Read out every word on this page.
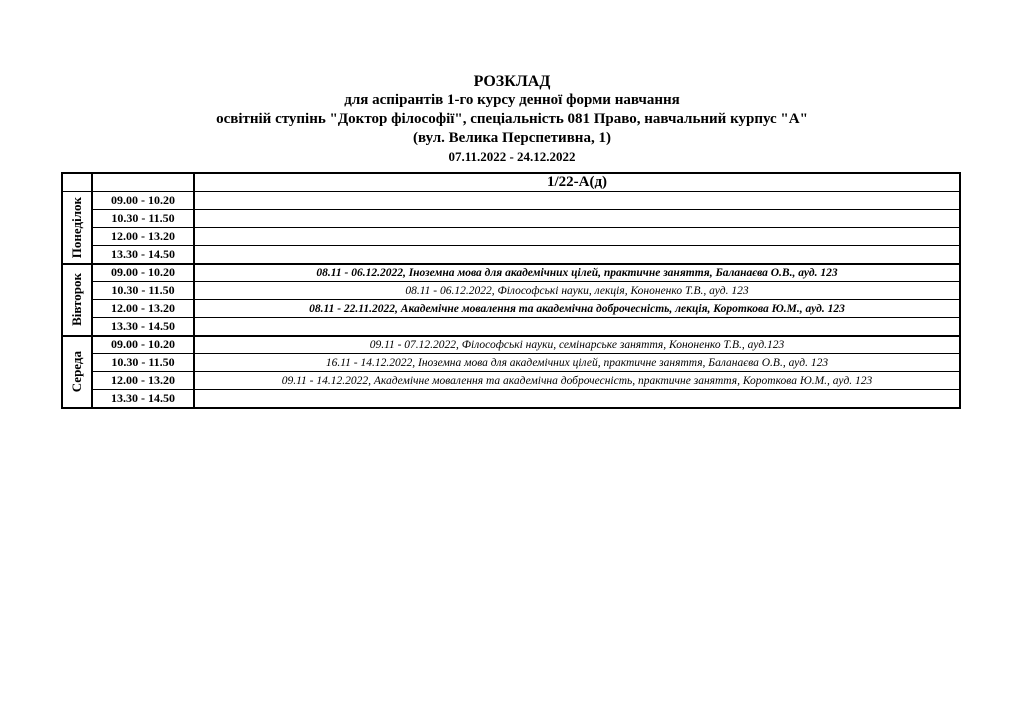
РОЗКЛАД
для аспірантів 1-го курсу денної форми навчання
освітній ступінь "Доктор філософії", спеціальність 081 Право, навчальний курпус "А"
(вул. Велика Перспетивна, 1)
07.11.2022 - 24.12.2022
		1/22-А(д)

Понеділок	09.00 - 10.20	
	10.30 - 11.50	
	12.00 - 13.20	
	13.30 - 14.50	

Вівторок	09.00 - 10.20	08.11 - 06.12.2022, Іноземна мова для академічних цілей, практичне заняття, Баланаєва О.В., ауд. 123
	10.30 - 11.50	08.11 - 06.12.2022, Філософські науки, лекція, Кононенко Т.В., ауд. 123
	12.00 - 13.20	08.11 - 22.11.2022, Академічне мовалення та академічна доброчесність, лекція, Короткова Ю.М., ауд. 123
	13.30 - 14.50	

Середа	09.00 - 10.20	09.11 - 07.12.2022, Філософські науки, семінарське заняття, Кононенко Т.В., ауд.123
	10.30 - 11.50	16.11 - 14.12.2022, Іноземна мова для академічних цілей, практичне заняття, Баланаєва О.В., ауд. 123
	12.00 - 13.20	09.11 - 14.12.2022, Академічне мовалення та академічна доброчесність, практичне заняття, Короткова Ю.М., ауд. 123
	13.30 - 14.50	
